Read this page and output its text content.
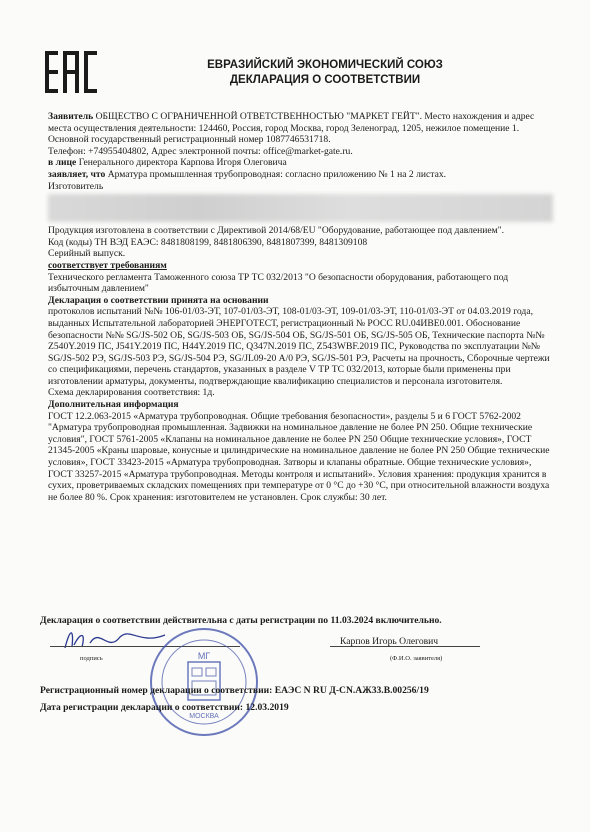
ЕВРАЗИЙСКИЙ ЭКОНОМИЧЕСКИЙ СОЮЗ
ДЕКЛАРАЦИЯ О СООТВЕТСТВИИ

Заявитель ОБЩЕСТВО С ОГРАНИЧЕННОЙ ОТВЕТСТВЕННОСТЬЮ "МАРКЕТ ГЕЙТ". Место нахождения и адрес места осуществления деятельности: 124460, Россия, город Москва, город Зеленоград, 1205, нежилое помещение 1.

Основной государственный регистрационный номер 1087746531718.

Телефон: +74955404802, Адрес электронной почты: office@market-gate.ru.

в лице Генерального директора Карпова Игоря Олеговича

заявляет, что Арматура промышленная трубопроводная: согласно приложению № 1 на 2 листах.

Изготовитель

Продукция изготовлена в соответствии с Директивой 2014/68/EU "Оборудование, работающее под давлением".

Код (коды) ТН ВЭД ЕАЭС: 8481808199, 8481806390, 8481807399, 8481309108

Серийный выпуск.

соответствует требованиям

Технического регламента Таможенного союза ТР ТС 032/2013 "О безопасности оборудования, работающего под избыточным давлением"

Декларация о соответствии принята на основании

протоколов испытаний №№ 106-01/03-ЭТ, 107-01/03-ЭТ, 108-01/03-ЭТ, 109-01/03-ЭТ, 110-01/03-ЭТ от 04.03.2019 года, выданных Испытательной лабораторией ЭНЕРГОТЕСТ, регистрационный № РОСС RU.04ИВЕ0.001. Обоснование безопасности №№ SG/JS-502 ОБ, SG/JS-503 ОБ, SG/JS-504 ОБ, SG/JS-501 ОБ, SG/JS-505 ОБ, Технические паспорта №№ Z540Y.2019 ПС, J541Y.2019 ПС, H44Y.2019 ПС, Q347N.2019 ПС, Z543WBF.2019 ПС, Руководства по эксплуатации №№ SG/JS-502 РЭ, SG/JS-503 РЭ, SG/JS-504 РЭ, SG/JL09-20 А/0 РЭ, SG/JS-501 РЭ, Расчеты на прочность, Сборочные чертежи со спецификациями, перечень стандартов, указанных в разделе V ТР ТС 032/2013, которые были применены при изготовлении арматуры, документы, подтверждающие квалификацию специалистов и персонала изготовителя.

Схема декларирования соответствия: 1д.

Дополнительная информация

ГОСТ 12.2.063-2015 «Арматура трубопроводная. Общие требования безопасности», разделы 5 и 6 ГОСТ 5762-2002 "Арматура трубопроводная промышленная. Задвижки на номинальное давление не более PN 250. Общие технические условия", ГОСТ 5761-2005 «Клапаны на номинальное давление не более PN 250 Общие технические условия», ГОСТ 21345-2005 «Краны шаровые, конусные и цилиндрические на номинальное давление не более PN 250 Общие технические условия», ГОСТ 33423-2015 «Арматура трубопроводная. Затворы и клапаны обратные. Общие технические условия», ГОСТ 33257-2015 «Арматура трубопроводная. Методы контроля и испытаний». Условия хранения: продукция хранится в сухих, проветриваемых складских помещениях при температуре от 0 °С до +30 °С, при относительной влажности воздуха не более 80 %. Срок хранения: изготовителем не установлен. Срок службы: 30 лет.

Декларация о соответствии действительна с даты регистрации по 11.03.2024 включительно.
подпись
Карпов Игорь Олегович
(Ф.И.О. заявителя)
МГ
МОСКВА

Регистрационный номер декларации о соответствии: ЕАЭС N RU Д-CN.АЖ33.В.00256/19

Дата регистрации декларации о соответствии: 12.03.2019
